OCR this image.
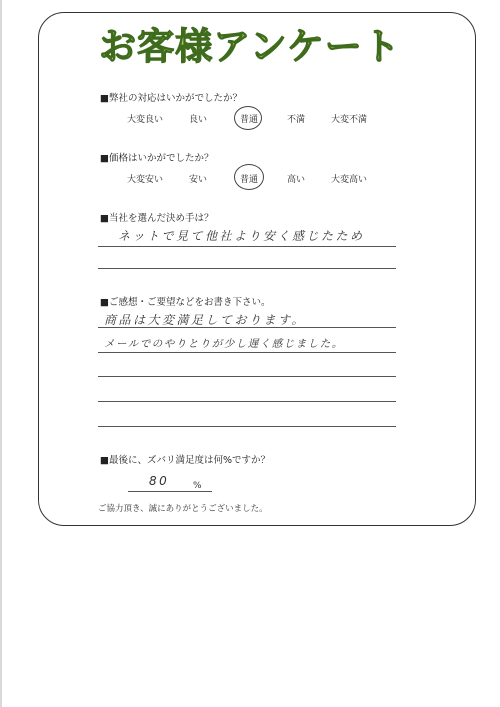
お客様アンケート
■弊社の対応はいかがでしたか？
大変良い	良い	普通	不満	大変不満
■価格はいかがでしたか？
大変安い	安い	普通	高い	大変高い
■当社を選んだ決め手は？
ネットで見て他社より安く感じたため
■ご感想・ご要望などをお書き下さい。
商品は大変満足しております。
メールでのやりとりが少し遅く感じました。
■最後に、ズバリ満足度は何%ですか？
80	%
ご協力頂き、誠にありがとうございました。
